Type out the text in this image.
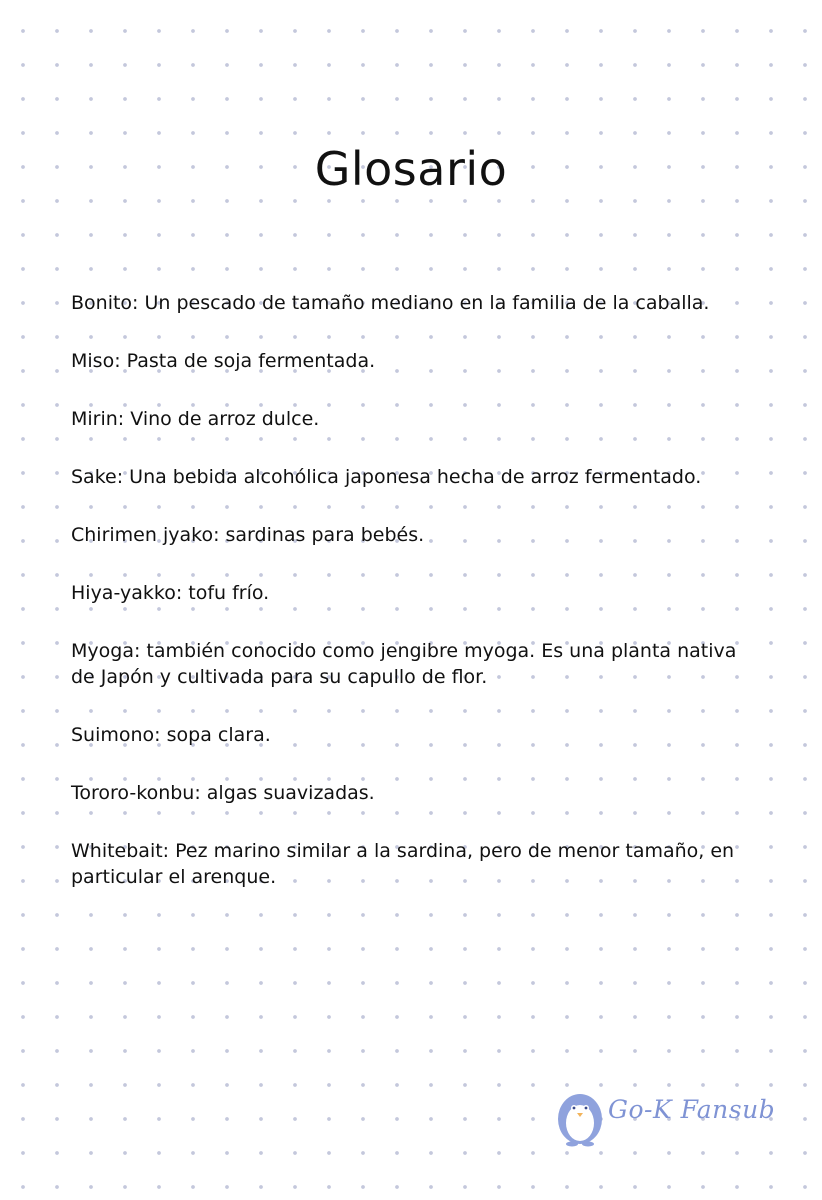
Glosario
Bonito: Un pescado de tamaño mediano en la familia de la caballa.
Miso: Pasta de soja fermentada.
Mirin: Vino de arroz dulce.
Sake: Una bebida alcohólica japonesa hecha de arroz fermentado.
Chirimen jyako: sardinas para bebés.
Hiya-yakko: tofu frío.
Myoga: también conocido como jengibre myoga. Es una planta nativa de Japón y cultivada para su capullo de flor.
Suimono: sopa clara.
Tororo-konbu: algas suavizadas.
Whitebait: Pez marino similar a la sardina, pero de menor tamaño, en particular el arenque.
Go-K Fansub
